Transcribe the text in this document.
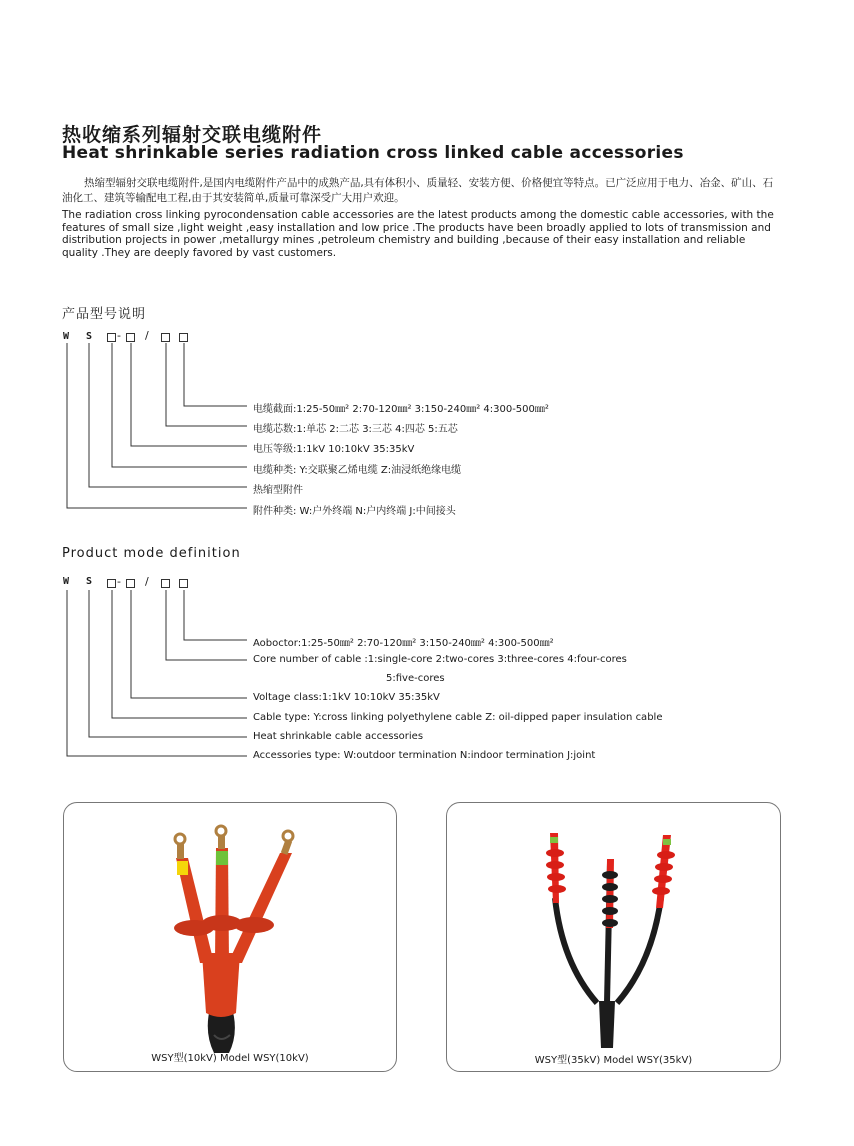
热收缩系列辐射交联电缆附件
Heat shrinkable series radiation cross linked cable accessories
热缩型辐射交联电缆附件,是国内电缆附件产品中的成熟产品,具有体积小、质量轻、安装方便、价格便宜等特点。已广泛应用于电力、冶金、矿山、石油化工、建筑等输配电工程,由于其安装简单,质量可靠深受广大用户欢迎。
The radiation cross linking pyrocondensation cable accessories are the latest products among the domestic cable accessories, with the features of small size ,light weight ,easy installation and low price .The products have been broadly applied to lots of transmission and distribution projects in power ,metallurgy mines ,petroleum chemistry and building ,because of their easy installation and reliable quality .They are deeply favored by vast customers.
产品型号说明
W S - /
电缆截面:1:25-50㎜² 2:70-120㎜² 3:150-240㎜² 4:300-500㎜²
电缆芯数:1:单芯 2:二芯 3:三芯 4:四芯 5:五芯
电压等级:1:1kV 10:10kV 35:35kV
电缆种类: Y:交联聚乙烯电缆 Z:油浸纸绝缘电缆
热缩型附件
附件种类: W:户外终端 N:户内终端 J:中间接头
Product mode definition
W S - /
Aoboctor:1:25-50㎜² 2:70-120㎜² 3:150-240㎜² 4:300-500㎜²
Core number of cable :1:single-core 2:two-cores 3:three-cores 4:four-cores
5:five-cores
Voltage class:1:1kV 10:10kV 35:35kV
Cable type: Y:cross linking polyethylene cable Z: oil-dipped paper insulation cable
Heat shrinkable cable accessories
Accessories type: W:outdoor termination N:indoor termination J:joint
WSY型(10kV) Model WSY(10kV)	WSY型(35kV) Model WSY(35kV)
